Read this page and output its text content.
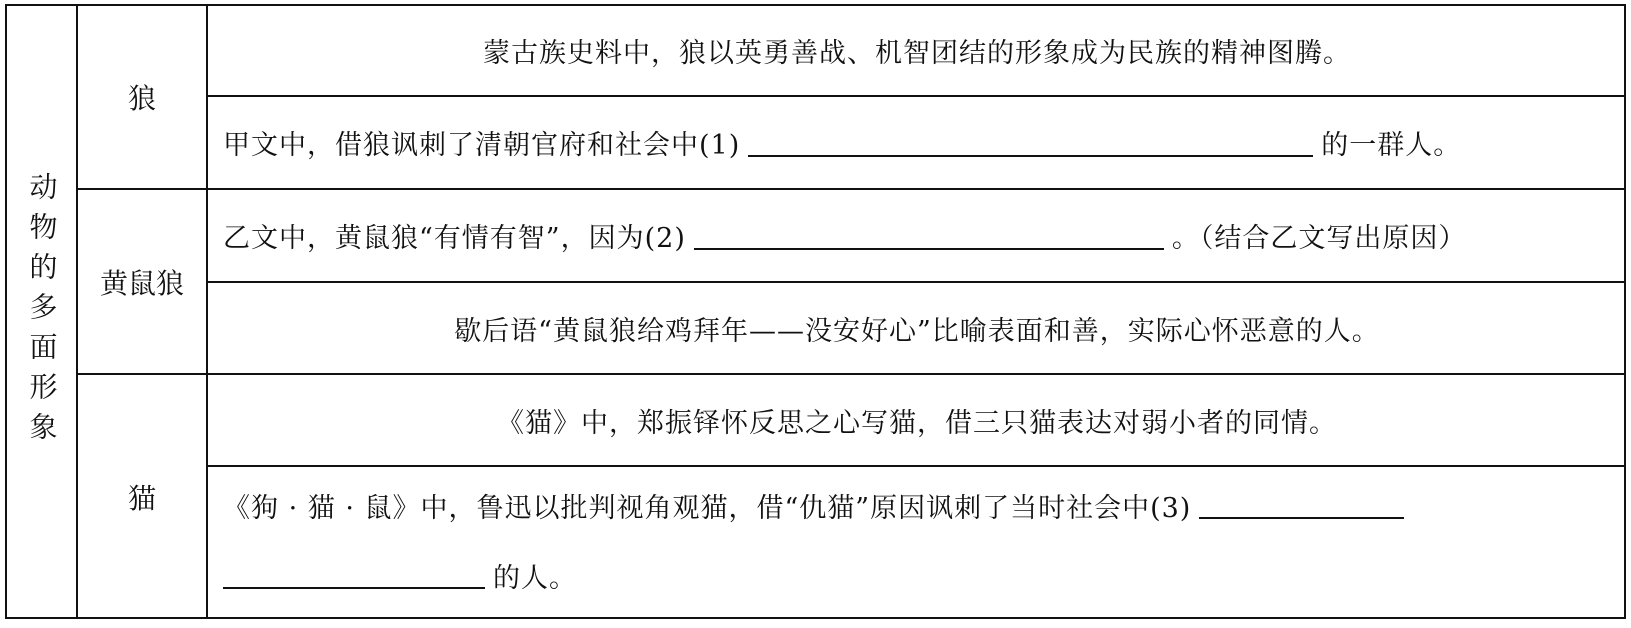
动物的多面形象
狼
黄鼠狼
猫
蒙古族史料中，狼以英勇善战、机智团结的形象成为民族的精神图腾。
甲文中，借狼讽刺了清朝官府和社会中(1)	的一群人。
乙文中，黄鼠狼“有情有智”，因为(2)	。（结合乙文写出原因）
歇后语“黄鼠狼给鸡拜年——没安好心”比喻表面和善，实际心怀恶意的人。
《猫》中，郑振铎怀反思之心写猫，借三只猫表达对弱小者的同情。
《狗 · 猫 · 鼠》中，鲁迅以批判视角观猫，借“仇猫”原因讽刺了当时社会中(3)
的人。
